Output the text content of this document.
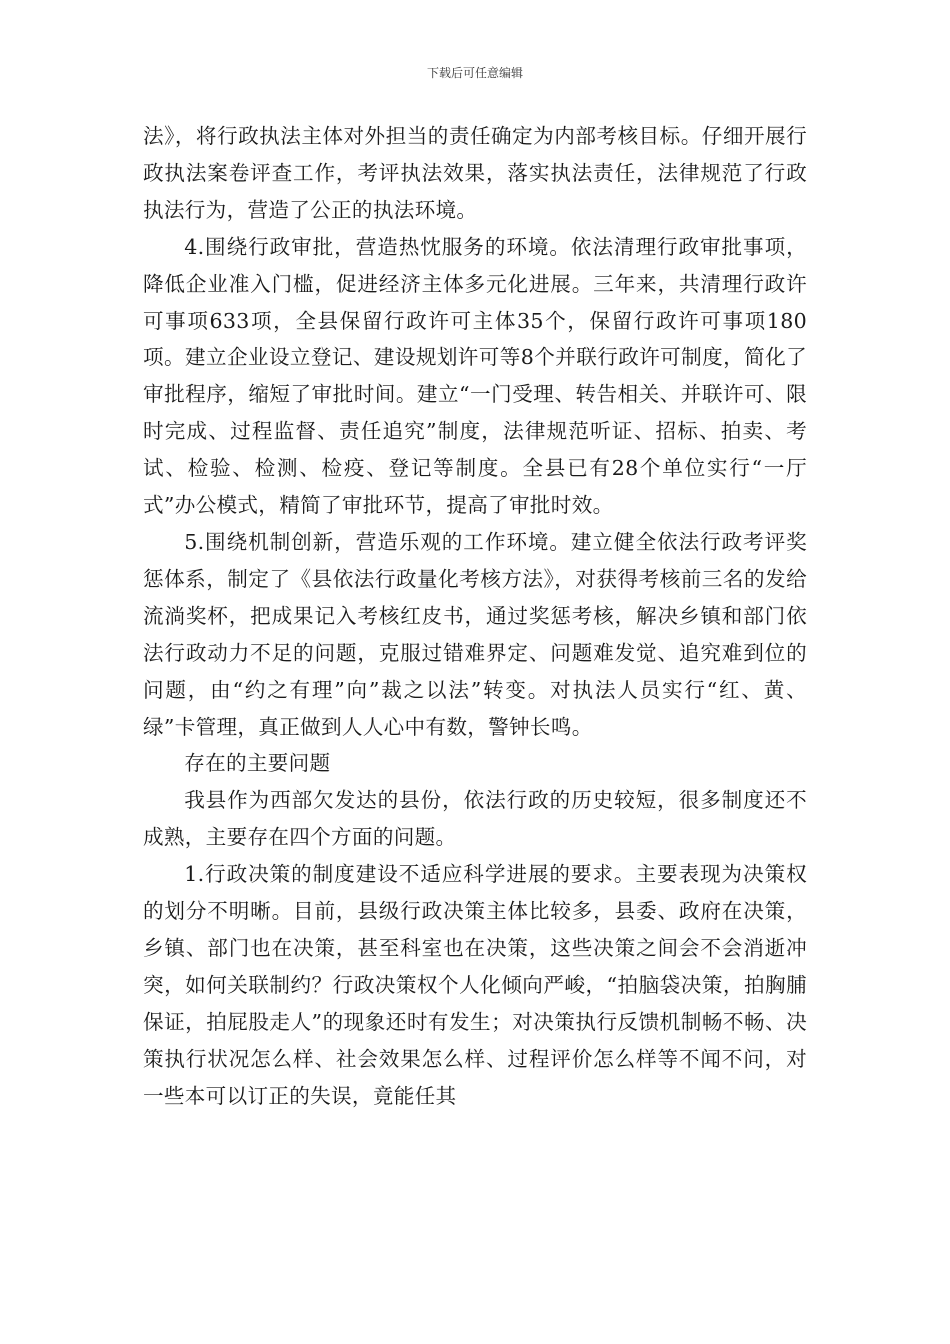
下载后可任意编辑

法》，将行政执法主体对外担当的责任确定为内部考核目标。仔细开展行政执法案卷评查工作，考评执法效果，落实执法责任，法律规范了行政执法行为，营造了公正的执法环境。

4.围绕行政审批，营造热忱服务的环境。依法清理行政审批事项，降低企业准入门槛，促进经济主体多元化进展。三年来，共清理行政许可事项633项，全县保留行政许可主体35个，保留行政许可事项180项。建立企业设立登记、建设规划许可等8个并联行政许可制度，简化了审批程序，缩短了审批时间。建立“一门受理、转告相关、并联许可、限时完成、过程监督、责任追究”制度，法律规范听证、招标、拍卖、考试、检验、检测、检疫、登记等制度。全县已有28个单位实行“一厅式”办公模式，精简了审批环节，提高了审批时效。

5.围绕机制创新，营造乐观的工作环境。建立健全依法行政考评奖惩体系，制定了《县依法行政量化考核方法》，对获得考核前三名的发给流淌奖杯，把成果记入考核红皮书，通过奖惩考核，解决乡镇和部门依法行政动力不足的问题，克服过错难界定、问题难发觉、追究难到位的问题，由“约之有理”向”裁之以法”转变。对执法人员实行“红、黄、绿”卡管理，真正做到人人心中有数，警钟长鸣。

存在的主要问题

我县作为西部欠发达的县份，依法行政的历史较短，很多制度还不成熟，主要存在四个方面的问题。

1.行政决策的制度建设不适应科学进展的要求。主要表现为决策权的划分不明晰。目前，县级行政决策主体比较多，县委、政府在决策，乡镇、部门也在决策，甚至科室也在决策，这些决策之间会不会消逝冲突，如何关联制约？行政决策权个人化倾向严峻，“拍脑袋决策，拍胸脯保证，拍屁股走人”的现象还时有发生；对决策执行反馈机制畅不畅、决策执行状况怎么样、社会效果怎么样、过程评价怎么样等不闻不问，对一些本可以订正的失误，竟能任其
